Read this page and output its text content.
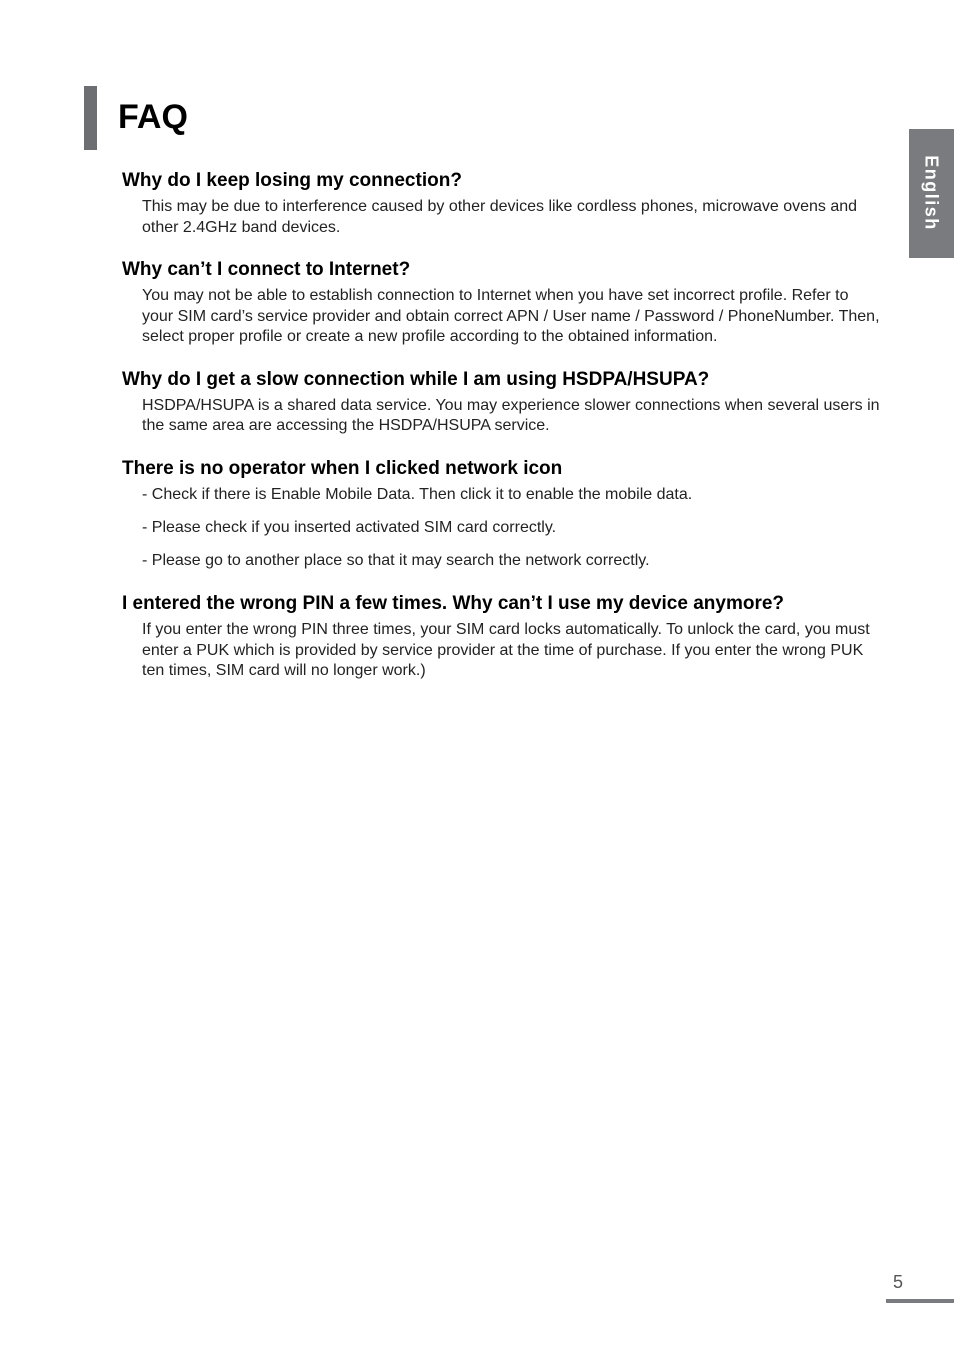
FAQ
English
Why do I keep losing my connection?

This may be due to interference caused by other devices like cordless phones, microwave ovens and other 2.4GHz band devices.

Why can’t I connect to Internet?

You may not be able to establish connection to Internet when you have set incorrect profile. Refer to your SIM card’s service provider and obtain correct APN / User name / Password / PhoneNumber. Then, select proper profile or create a new profile according to the obtained information.

Why do I get a slow connection while I am using HSDPA/HSUPA?

HSDPA/HSUPA is a shared data service. You may experience slower connections when several users in the same area are accessing the HSDPA/HSUPA service.

There is no operator when I clicked network icon

- Check if there is Enable Mobile Data. Then click it to enable the mobile data.

- Please check if you inserted activated SIM card correctly.

- Please go to another place so that it may search the network correctly.

I entered the wrong PIN a few times. Why can’t I use my device anymore?

If you enter the wrong PIN three times, your SIM card locks automatically. To unlock the card, you must enter a PUK which is provided by service provider at the time of purchase. If you enter the wrong PUK ten times, SIM card will no longer work.)

5
